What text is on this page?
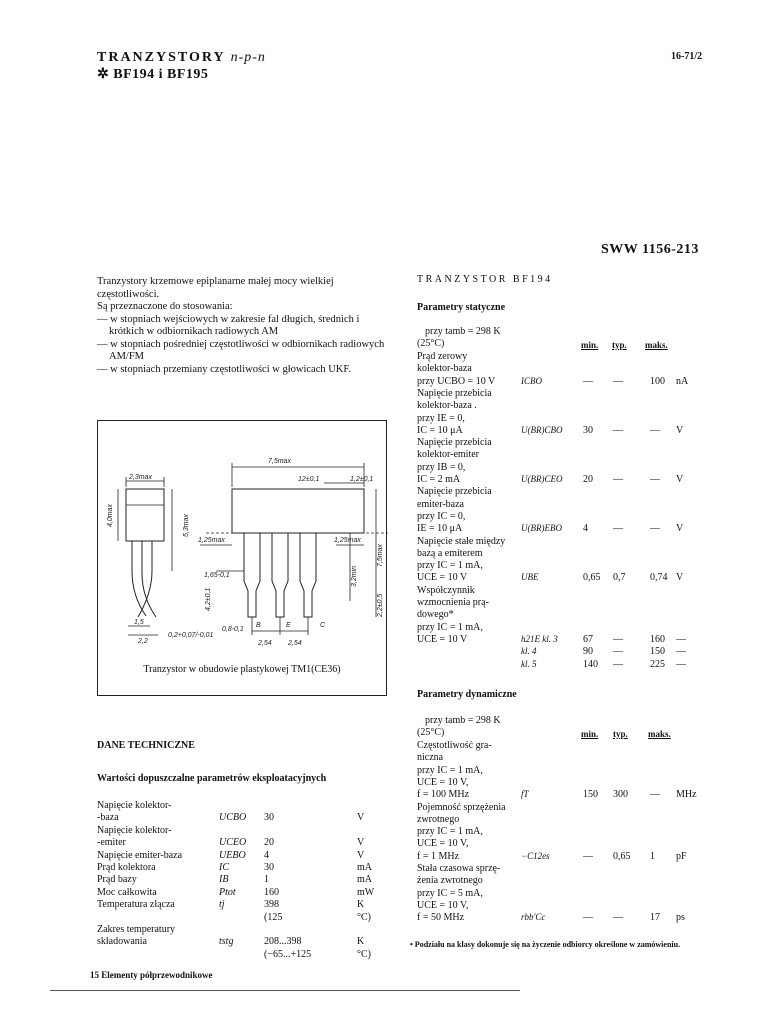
TRANZYSTORY n-p-n
✲ BF194 i BF195
16-71/2
SWW 1156-213

Tranzystory krzemowe epiplanarne małej mocy wielkiej częstotliwości.

Są przeznaczone do stosowania:

— w stopniach wejściowych w zakresie fal długich, średnich i krótkich w odbiornikach radiowych AM

— w stopniach pośredniej częstotliwości w odbiornikach radiowych AM/FM

— w stopniach przemiany częstotliwości w głowicach UKF.

2,3max
4,0max	5,3max
7,5max
12±0,1	1,2±0,1
1,25max	1,25max
7,5max
1,65-0,1
4,2±0,1
3,2min
2,2±0,5
1,5
2,2
0,2+0,07/-0,01
0,8-0,1
2,54 2,54
B	E	C
Tranzystor w obudowie plastykowej TM1(CE36)
DANE TECHNICZNE
Wartości dopuszczalne parametrów eksploatacyjnych
Napięcie kolektor-
-baza	UCBO 30	V
Napięcie kolektor-
-emiter	UCEO 20	V
Napięcie emiter-baza	UEBO 4	V
Prąd kolektora	IC	30	mA
Prąd bazy	IB	1	mA
Moc całkowita	Ptot	160	mW
Temperatura złącza	tj	398	K
(125	°C)
Zakres temperatury
składowania	tstg	208...398	K
(−65...+125	°C)
15 Elementy półprzewodnikowe
• Podziału na klasy dokonuje się na życzenie odbiorcy określone w zamówieniu.
TRANZYSTOR BF194
Parametry statyczne
przy tamb = 298 K
(25°C)	min. typ. maks.
Prąd zerowy
kolektor-baza
przy UCBO = 10 V	ICBO	— —	100 nA
Napięcie przebicia
kolektor-baza .
przy IE = 0,
IC = 10 μA	U(BR)CBO 30 —	— V
Napięcie przebicia
kolektor-emiter
przy IB = 0,
IC = 2 mA	U(BR)CEO 20 —	— V
Napięcie przebicia
emiter-baza
przy IC = 0,
IE = 10 μA	U(BR)EBO 4	—	— V
Napięcie stałe między
bazą a emiterem
przy IC = 1 mA,
UCE = 10 V	UBE	0,65 0,7 0,74 V
Współczynnik
wzmocnienia prą-
dowego*
przy IC = 1 mA,
UCE = 10 V	h21E kl. 3	67 —	160 —
kl. 4	90 —	150 —
kl. 5	140 —	225 —
Parametry dynamiczne
przy tamb = 298 K
(25°C)	min. typ. maks.
Częstotliwość gra-
niczna
przy IC = 1 mA,
UCE = 10 V,
f = 100 MHz	fT	150 300 — MHz
Pojemność sprzężenia
zwrotnego
przy IC = 1 mA,
UCE = 10 V,
f = 1 MHz	−C12es	— 0,65 1 pF
Stała czasowa sprzę-
żenia zwrotnego
przy IC = 5 mA,
UCE = 10 V,
f = 50 MHz	rbb'Cc	— —	17 ps
